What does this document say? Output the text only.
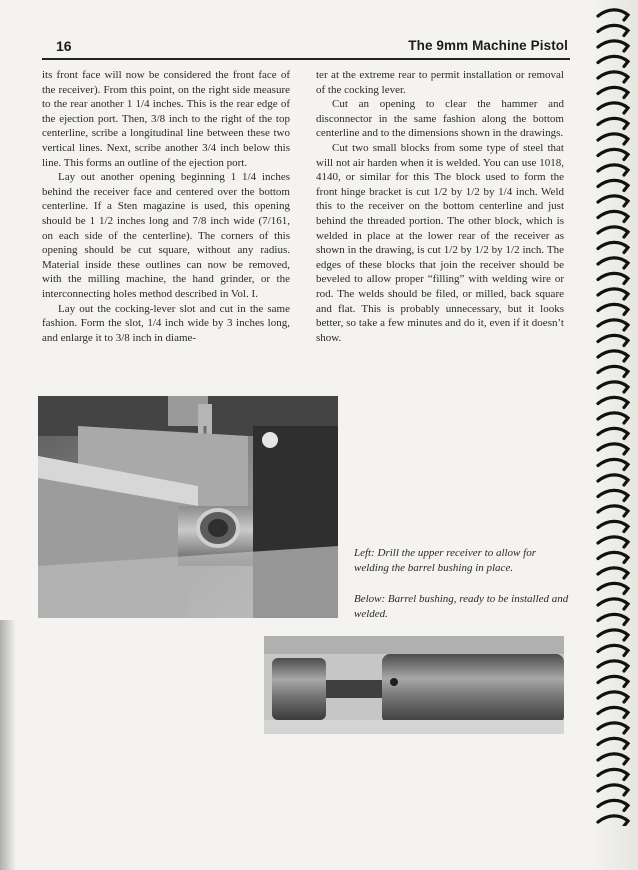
16	The 9mm Machine Pistol

its front face will now be considered the front face of the receiver). From this point, on the right side measure to the rear another 1 1/4 inches. This is the rear edge of the ejection port. Then, 3/8 inch to the right of the top centerline, scribe a longitudinal line between these two vertical lines. Next, scribe another 3/4 inch below this line. This forms an outline of the ejection port.

Lay out another opening beginning 1 1/4 inches behind the receiver face and centered over the bottom centerline. If a Sten magazine is used, this opening should be 1 1/2 inches long and 7/8 inch wide (7/161, on each side of the centerline). The corners of this opening should be cut square, without any radius. Material inside these outlines can now be removed, with the milling machine, the hand grinder, or the interconnecting holes method described in Vol. I.

Lay out the cocking-lever slot and cut in the same fashion. Form the slot, 1/4 inch wide by 3 inches long, and enlarge it to 3/8 inch in diame-

ter at the extreme rear to permit installation or removal of the cocking lever.

Cut an opening to clear the hammer and disconnector in the same fashion along the bottom centerline and to the dimensions shown in the drawings.

Cut two small blocks from some type of steel that will not air harden when it is welded. You can use 1018, 4140, or similar for this The block used to form the front hinge bracket is cut 1/2 by 1/2 by 1/4 inch. Weld this to the receiver on the bottom centerline and just behind the threaded portion. The other block, which is welded in place at the lower rear of the receiver as shown in the drawing, is cut 1/2 by 1/2 by 1/2 inch. The edges of these blocks that join the receiver should be beveled to allow proper “filling” with welding wire or rod. The welds should be filed, or milled, back square and flat. This is probably unnecessary, but it looks better, so take a few minutes and do it, even if it doesn’t show.

Left: Drill the upper receiver to allow for welding the barrel bushing in place.
Below: Barrel bushing, ready to be installed and welded.
